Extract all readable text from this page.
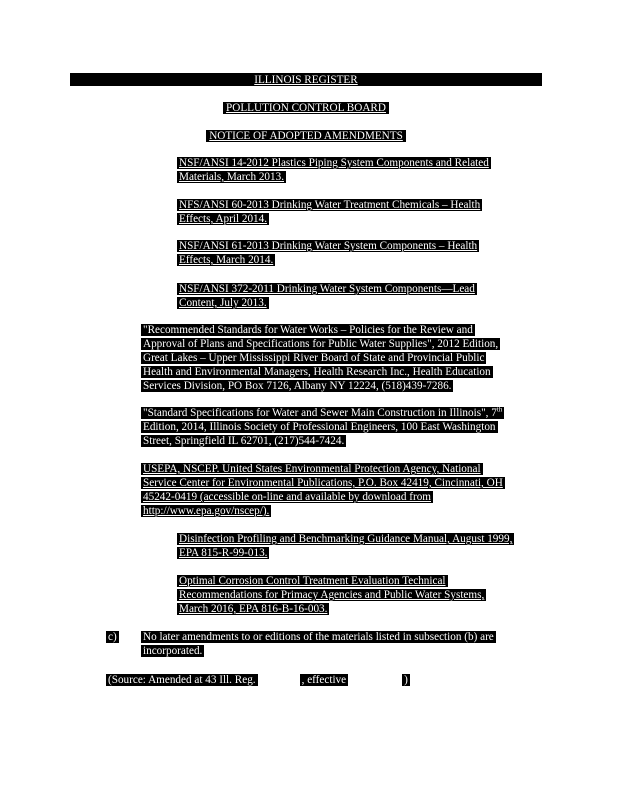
ILLINOIS REGISTER
POLLUTION CONTROL BOARD
NOTICE OF ADOPTED AMENDMENTS

NSF/ANSI 14-2012 Plastics Piping System Components and Related

Materials, March 2013.

NFS/ANSI 60-2013 Drinking Water Treatment Chemicals – Health

Effects, April 2014.

NSF/ANSI 61-2013 Drinking Water System Components – Health

Effects, March 2014.

NSF/ANSI 372-2011 Drinking Water System Components—Lead

Content, July 2013.

"Recommended Standards for Water Works – Policies for the Review and

Approval of Plans and Specifications for Public Water Supplies", 2012 Edition,

Great Lakes – Upper Mississippi River Board of State and Provincial Public

Health and Environmental Managers, Health Research Inc., Health Education

Services Division, PO Box 7126, Albany NY 12224, (518)439-7286.

"Standard Specifications for Water and Sewer Main Construction in Illinois", 7th

Edition, 2014, Illinois Society of Professional Engineers, 100 East Washington

Street, Springfield IL 62701, (217)544-7424.

USEPA, NSCEP. United States Environmental Protection Agency, National

Service Center for Environmental Publications, P.O. Box 42419, Cincinnati, OH

45242-0419 (accessible on-line and available by download from

http://www.epa.gov/nscep/).

Disinfection Profiling and Benchmarking Guidance Manual, August 1999,

EPA 815-R-99-013.

Optimal Corrosion Control Treatment Evaluation Technical

Recommendations for Primacy Agencies and Public Water Systems,

March 2016, EPA 816-B-16-003.

c) No later amendments to or editions of the materials listed in subsection (b) are

incorporated.

(Source: Amended at 43 Ill. Reg.	, effective	)
